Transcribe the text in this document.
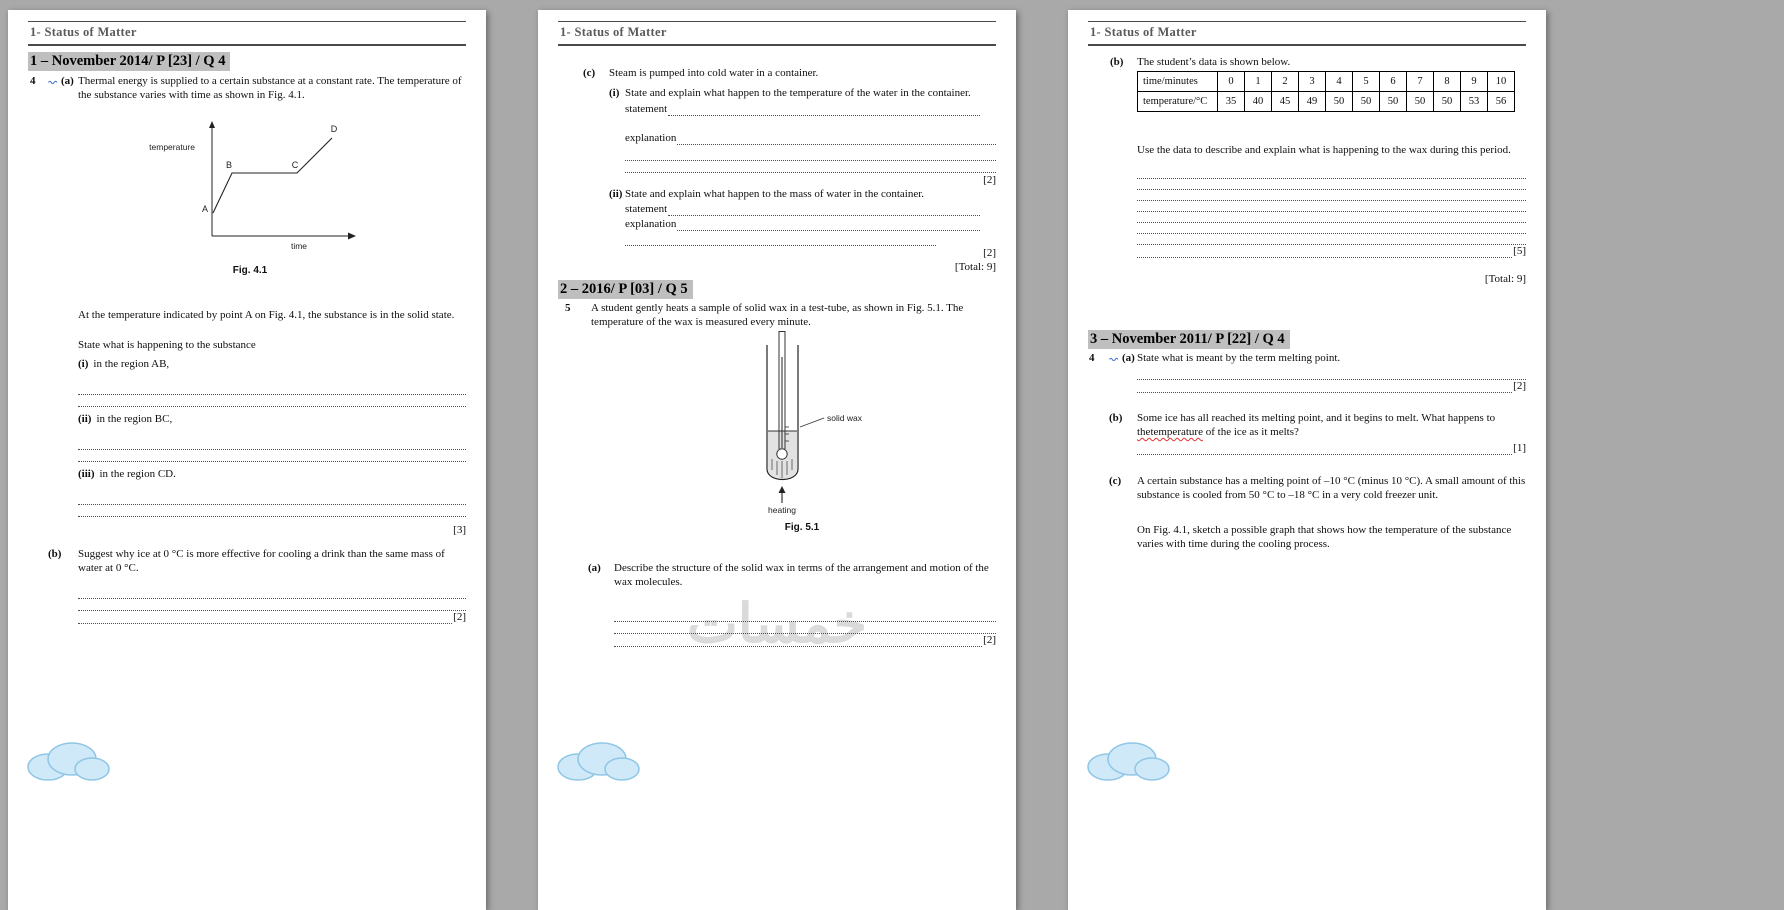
1- Status of Matter
1 – November 2014/ P [23] / Q 4
4	(a) Thermal energy is supplied to a certain substance at a constant rate. The temperature of the substance varies with time as shown in Fig. 4.1.

temperature
time
A
B	C
D
Fig. 4.1

At the temperature indicated by point A on Fig. 4.1, the substance is in the solid state.

State what is happening to the substance

(i) in the region AB,
(ii) in the region BC,
(iii) in the region CD.
[3]
(b)	Suggest why ice at 0 °C is more effective for cooling a drink than the same mass of water at 0 °C.

[2]	خمسات
1- Status of Matter
(c)	Steam is pumped into cold water in a container.

(i) State and explain what happen to the temperature of the water in the container.

statement
explanation
[2]
(ii) State and explain what happen to the mass of water in the container.

statement
explanation
[2]
[Total: 9]
2 – 2016/ P [03] / Q 5
5	A student gently heats a sample of solid wax in a test-tube, as shown in Fig. 5.1. The temperature of the wax is measured every minute.

solid wax
heating
Fig. 5.1
(a)	Describe the structure of the solid wax in terms of the arrangement and motion of the wax molecules.

[2]
1- Status of Matter
(b)	The student’s data is shown below.

time/minutes	0	1	2	3	4	5	6	7	8	9	10
temperature/°C	35	40	45	49	50	50	50	50	50	53	56

Use the data to describe and explain what is happening to the wax during this period.

[5]
[Total: 9]
3 – November 2011/ P [22] / Q 4
4	(a) State what is meant by the term melting point.

[2]
(b)	Some ice has all reached its melting point, and it begins to melt. What happens to thetemperature of the ice as it melts?

[1]
(c)	A certain substance has a melting point of –10 °C (minus 10 °C). A small amount of this substance is cooled from 50 °C to –18 °C in a very cold freezer unit.

On Fig. 4.1, sketch a possible graph that shows how the temperature of the substance varies with time during the cooling process.
